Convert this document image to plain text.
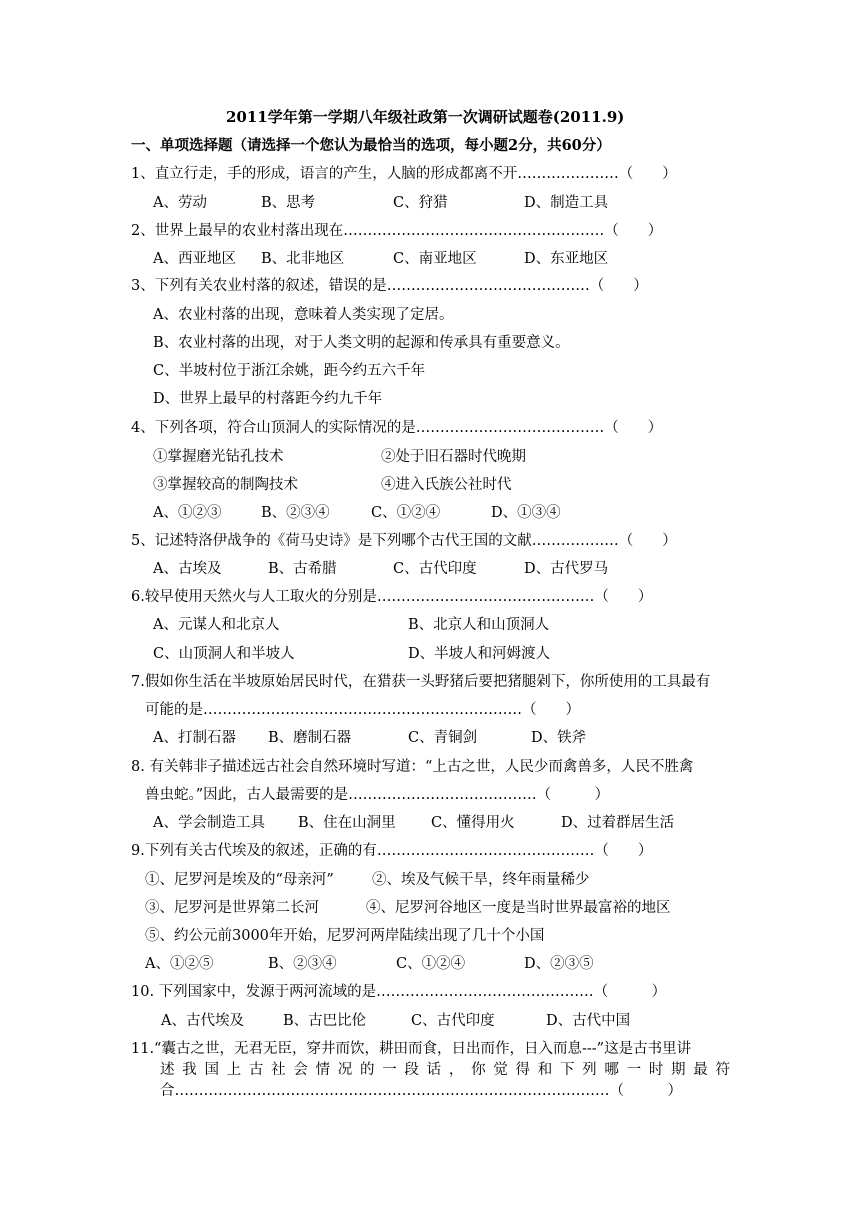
2011学年第一学期八年级社政第一次调研试题卷(2011.9)
一、单项选择题（请选择一个您认为最恰当的选项，每小题2分，共60分）
1、直立行走，手的形成，语言的产生，人脑的形成都离不开…………………（　　）
A、劳动	B、思考	C、狩猎	D、制造工具
2、世界上最早的农业村落出现在………………………………………………（　　）
A、西亚地区 B、北非地区	C、南亚地区	D、东亚地区
3、下列有关农业村落的叙述，错误的是……………………………………（　　）
A、农业村落的出现，意味着人类实现了定居。
B、农业村落的出现，对于人类文明的起源和传承具有重要意义。
C、半坡村位于浙江余姚，距今约五六千年
D、世界上最早的村落距今约九千年
4、下列各项，符合山顶洞人的实际情况的是…………………………………（　　）
①掌握磨光钻孔技术	②处于旧石器时代晚期
③掌握较高的制陶技术	④进入氏族公社时代
A、①②③	B、②③④	C、①②④	D、①③④
5、记述特洛伊战争的《荷马史诗》是下列哪个古代王国的文献………………（　　）
A、古埃及	B、古希腊	C、古代印度	D、古代罗马
6.较早使用天然火与人工取火的分别是………………………………………（　　）
A、元谋人和北京人	B、北京人和山顶洞人
C、山顶洞人和半坡人	D、半坡人和河姆渡人
7.假如你生活在半坡原始居民时代，在猎获一头野猪后要把猪腿剁下，你所使用的工具最有
可能的是…………………………………………………………（　　）
A、打制石器 B、磨制石器	C、青铜剑	D、铁斧
8. 有关韩非子描述远古社会自然环境时写道：“上古之世，人民少而禽兽多，人民不胜禽
兽虫蛇。”因此，古人最需要的是…………………………………（　　　）
A、学会制造工具 B、住在山洞里 C、懂得用火	D、过着群居生活
9.下列有关古代埃及的叙述，正确的有………………………………………（　　）
①、尼罗河是埃及的“母亲河”	②、埃及气候干旱，终年雨量稀少
③、尼罗河是世界第二长河	④、尼罗河谷地区一度是当时世界最富裕的地区
⑤、约公元前3000年开始，尼罗河两岸陆续出现了几十个小国
A、①②⑤	B、②③④	C、①②④	D、②③⑤
10. 下列国家中，发源于两河流域的是………………………………………（　　　）
A、古代埃及	B、古巴比伦	C、古代印度	D、古代中国
11.“囊古之世，无君无臣，穿井而饮，耕田而食，日出而作，日入而息---”这是古书里讲
述 我 国 上 古 社 会 情 况 的 一 段 话 ， 你 觉 得 和 下 列 哪 一 时 期 最 符
合………………………………………………………………………………（　　　）
